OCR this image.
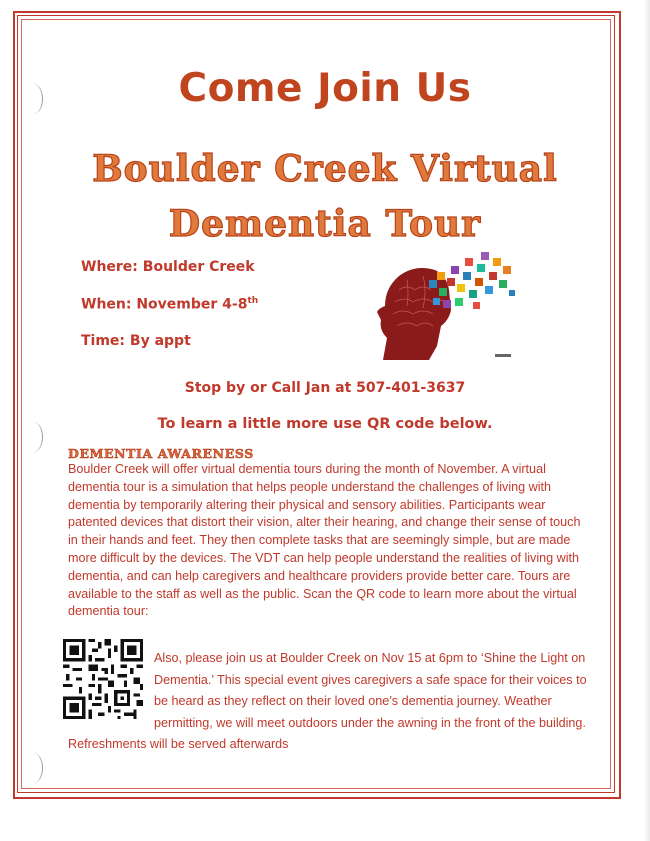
Come Join Us
Boulder Creek Virtual
Dementia Tour
Where: Boulder Creek
When: November 4-8th
Time: By appt
Stop by or Call Jan at 507-401-3637
To learn a little more use QR code below.
DEMENTIA AWARENESS
Boulder Creek will offer virtual dementia tours during the month of November. A virtual dementia tour is a simulation that helps people understand the challenges of living with dementia by temporarily altering their physical and sensory abilities. Participants wear patented devices that distort their vision, alter their hearing, and change their sense of touch in their hands and feet. They then complete tasks that are seemingly simple, but are made more difficult by the devices. The VDT can help people understand the realities of living with dementia, and can help caregivers and healthcare providers provide better care. Tours are available to the staff as well as the public. Scan the QR code to learn more about the virtual dementia tour:
Also, please join us at Boulder Creek on Nov 15 at 6pm to ‘Shine the Light on Dementia.’ This special event gives caregivers a safe space for their voices to be heard as they reflect on their loved one’s dementia journey. Weather permitting, we will meet outdoors under the awning in the front of the building. Refreshments will be served afterwards
